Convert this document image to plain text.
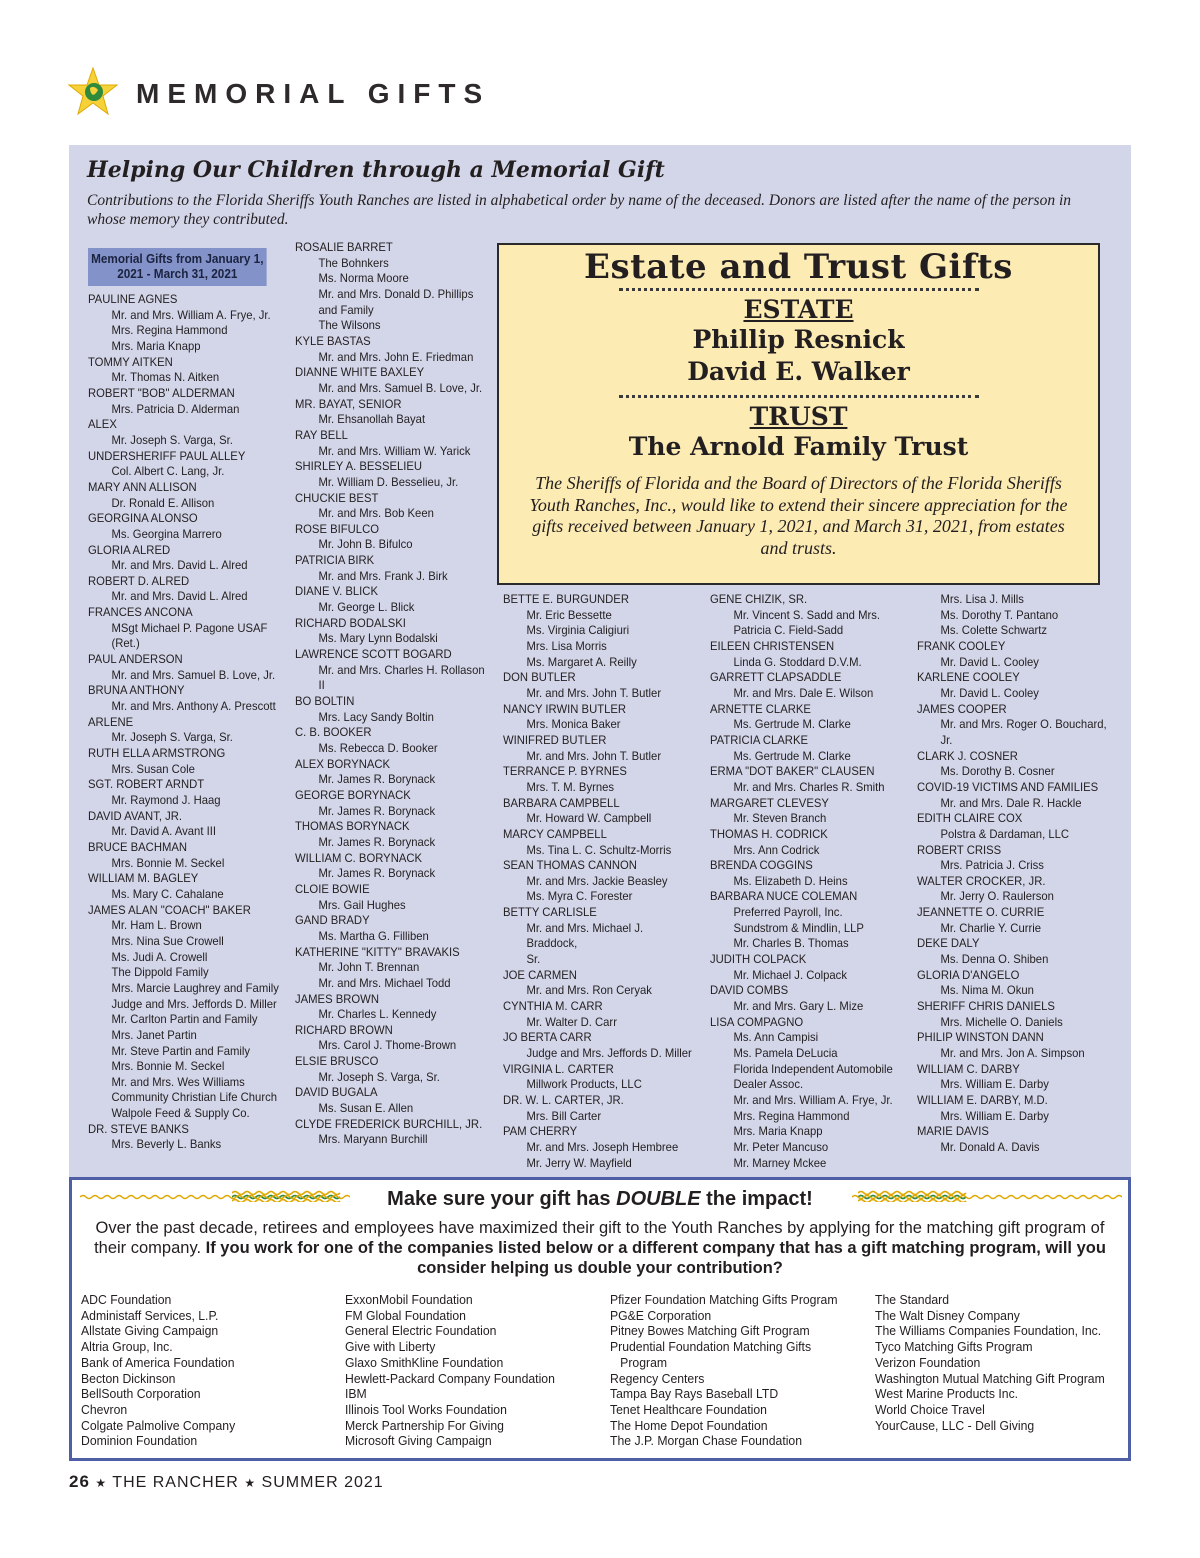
MEMORIAL GIFTS
Helping Our Children through a Memorial Gift
Contributions to the Florida Sheriffs Youth Ranches are listed in alphabetical order by name of the deceased. Donors are listed after the name of the person in whose memory they contributed.
Memorial Gifts from January 1, 2021 - March 31, 2021
PAULINE AGNES
Mr. and Mrs. William A. Frye, Jr.
Mrs. Regina Hammond
Mrs. Maria Knapp
TOMMY AITKEN
Mr. Thomas N. Aitken
ROBERT "BOB" ALDERMAN
Mrs. Patricia D. Alderman
ALEX
Mr. Joseph S. Varga, Sr.
UNDERSHERIFF PAUL ALLEY
Col. Albert C. Lang, Jr.
MARY ANN ALLISON
Dr. Ronald E. Allison
GEORGINA ALONSO
Ms. Georgina Marrero
GLORIA ALRED
Mr. and Mrs. David L. Alred
ROBERT D. ALRED
Mr. and Mrs. David L. Alred
FRANCES ANCONA
MSgt Michael P. Pagone USAF
(Ret.)
PAUL ANDERSON
Mr. and Mrs. Samuel B. Love, Jr.
BRUNA ANTHONY
Mr. and Mrs. Anthony A. Prescott
ARLENE
Mr. Joseph S. Varga, Sr.
RUTH ELLA ARMSTRONG
Mrs. Susan Cole
SGT. ROBERT ARNDT
Mr. Raymond J. Haag
DAVID AVANT, JR.
Mr. David A. Avant III
BRUCE BACHMAN
Mrs. Bonnie M. Seckel
WILLIAM M. BAGLEY
Ms. Mary C. Cahalane
JAMES ALAN "COACH" BAKER
Mr. Ham L. Brown
Mrs. Nina Sue Crowell
Ms. Judi A. Crowell
The Dippold Family
Mrs. Marcie Laughrey and Family
Judge and Mrs. Jeffords D. Miller
Mr. Carlton Partin and Family
Mrs. Janet Partin
Mr. Steve Partin and Family
Mrs. Bonnie M. Seckel
Mr. and Mrs. Wes Williams
Community Christian Life Church
Walpole Feed & Supply Co.
DR. STEVE BANKS
Mrs. Beverly L. Banks
ROSALIE BARRET
The Bohnkers
Ms. Norma Moore
Mr. and Mrs. Donald D. Phillips
and Family
The Wilsons
KYLE BASTAS
Mr. and Mrs. John E. Friedman
DIANNE WHITE BAXLEY
Mr. and Mrs. Samuel B. Love, Jr.
MR. BAYAT, SENIOR
Mr. Ehsanollah Bayat
RAY BELL
Mr. and Mrs. William W. Yarick
SHIRLEY A. BESSELIEU
Mr. William D. Besselieu, Jr.
CHUCKIE BEST
Mr. and Mrs. Bob Keen
ROSE BIFULCO
Mr. John B. Bifulco
PATRICIA BIRK
Mr. and Mrs. Frank J. Birk
DIANE V. BLICK
Mr. George L. Blick
RICHARD BODALSKI
Ms. Mary Lynn Bodalski
LAWRENCE SCOTT BOGARD
Mr. and Mrs. Charles H. Rollason
II
BO BOLTIN
Mrs. Lacy Sandy Boltin
C. B. BOOKER
Ms. Rebecca D. Booker
ALEX BORYNACK
Mr. James R. Borynack
GEORGE BORYNACK
Mr. James R. Borynack
THOMAS BORYNACK
Mr. James R. Borynack
WILLIAM C. BORYNACK
Mr. James R. Borynack
CLOIE BOWIE
Mrs. Gail Hughes
GAND BRADY
Ms. Martha G. Filliben
KATHERINE "KITTY" BRAVAKIS
Mr. John T. Brennan
Mr. and Mrs. Michael Todd
JAMES BROWN
Mr. Charles L. Kennedy
RICHARD BROWN
Mrs. Carol J. Thome-Brown
ELSIE BRUSCO
Mr. Joseph S. Varga, Sr.
DAVID BUGALA
Ms. Susan E. Allen
CLYDE FREDERICK BURCHILL, JR.
Mrs. Maryann Burchill
BETTE E. BURGUNDER
Mr. Eric Bessette
Ms. Virginia Caligiuri
Mrs. Lisa Morris
Ms. Margaret A. Reilly
DON BUTLER
Mr. and Mrs. John T. Butler
NANCY IRWIN BUTLER
Mrs. Monica Baker
WINIFRED BUTLER
Mr. and Mrs. John T. Butler
TERRANCE P. BYRNES
Mrs. T. M. Byrnes
BARBARA CAMPBELL
Mr. Howard W. Campbell
MARCY CAMPBELL
Ms. Tina L. C. Schultz-Morris
SEAN THOMAS CANNON
Mr. and Mrs. Jackie Beasley
Ms. Myra C. Forester
BETTY CARLISLE
Mr. and Mrs. Michael J. Braddock,
Sr.
JOE CARMEN
Mr. and Mrs. Ron Ceryak
CYNTHIA M. CARR
Mr. Walter D. Carr
JO BERTA CARR
Judge and Mrs. Jeffords D. Miller
VIRGINIA L. CARTER
Millwork Products, LLC
DR. W. L. CARTER, JR.
Mrs. Bill Carter
PAM CHERRY
Mr. and Mrs. Joseph Hembree
Mr. Jerry W. Mayfield
GENE CHIZIK, SR.
Mr. Vincent S. Sadd and Mrs.
Patricia C. Field-Sadd
EILEEN CHRISTENSEN
Linda G. Stoddard D.V.M.
GARRETT CLAPSADDLE
Mr. and Mrs. Dale E. Wilson
ARNETTE CLARKE
Ms. Gertrude M. Clarke
PATRICIA CLARKE
Ms. Gertrude M. Clarke
ERMA "DOT BAKER" CLAUSEN
Mr. and Mrs. Charles R. Smith
MARGARET CLEVESY
Mr. Steven Branch
THOMAS H. CODRICK
Mrs. Ann Codrick
BRENDA COGGINS
Ms. Elizabeth D. Heins
BARBARA NUCE COLEMAN
Preferred Payroll, Inc.
Sundstrom & Mindlin, LLP
Mr. Charles B. Thomas
JUDITH COLPACK
Mr. Michael J. Colpack
DAVID COMBS
Mr. and Mrs. Gary L. Mize
LISA COMPAGNO
Ms. Ann Campisi
Ms. Pamela DeLucia
Florida Independent Automobile
Dealer Assoc.
Mr. and Mrs. William A. Frye, Jr.
Mrs. Regina Hammond
Mrs. Maria Knapp
Mr. Peter Mancuso
Mr. Marney Mckee
Mrs. Lisa J. Mills
Ms. Dorothy T. Pantano
Ms. Colette Schwartz
FRANK COOLEY
Mr. David L. Cooley
KARLENE COOLEY
Mr. David L. Cooley
JAMES COOPER
Mr. and Mrs. Roger O. Bouchard,
Jr.
CLARK J. COSNER
Ms. Dorothy B. Cosner
COVID-19 VICTIMS AND FAMILIES
Mr. and Mrs. Dale R. Hackle
EDITH CLAIRE COX
Polstra & Dardaman, LLC
ROBERT CRISS
Mrs. Patricia J. Criss
WALTER CROCKER, JR.
Mr. Jerry O. Raulerson
JEANNETTE O. CURRIE
Mr. Charlie Y. Currie
DEKE DALY
Ms. Denna O. Shiben
GLORIA D'ANGELO
Ms. Nima M. Okun
SHERIFF CHRIS DANIELS
Mrs. Michelle O. Daniels
PHILIP WINSTON DANN
Mr. and Mrs. Jon A. Simpson
WILLIAM C. DARBY
Mrs. William E. Darby
WILLIAM E. DARBY, M.D.
Mrs. William E. Darby
MARIE DAVIS
Mr. Donald A. Davis
Estate and Trust Gifts
ESTATE
Phillip Resnick
David E. Walker
TRUST
The Arnold Family Trust
The Sheriffs of Florida and the Board of Directors of the Florida Sheriffs Youth Ranches, Inc., would like to extend their sincere appreciation for the gifts received between January 1, 2021, and March 31, 2021, from estates and trusts.
Make sure your gift has DOUBLE the impact!
Over the past decade, retirees and employees have maximized their gift to the Youth Ranches by applying for the matching gift program of their company. If you work for one of the companies listed below or a different company that has a gift matching program, will you consider helping us double your contribution?
ADC Foundation
Administaff Services, L.P.
Allstate Giving Campaign
Altria Group, Inc.
Bank of America Foundation
Becton Dickinson
BellSouth Corporation
Chevron
Colgate Palmolive Company
Dominion Foundation
ExxonMobil Foundation
FM Global Foundation
General Electric Foundation
Give with Liberty
Glaxo SmithKline Foundation
Hewlett-Packard Company Foundation
IBM
Illinois Tool Works Foundation
Merck Partnership For Giving
Microsoft Giving Campaign
Pfizer Foundation Matching Gifts Program
PG&E Corporation
Pitney Bowes Matching Gift Program
Prudential Foundation Matching Gifts
Program
Regency Centers
Tampa Bay Rays Baseball LTD
Tenet Healthcare Foundation
The Home Depot Foundation
The J.P. Morgan Chase Foundation
The Standard
The Walt Disney Company
The Williams Companies Foundation, Inc.
Tyco Matching Gifts Program
Verizon Foundation
Washington Mutual Matching Gift Program
West Marine Products Inc.
World Choice Travel
YourCause, LLC - Dell Giving
26 ★ THE RANCHER ★ SUMMER 2021
